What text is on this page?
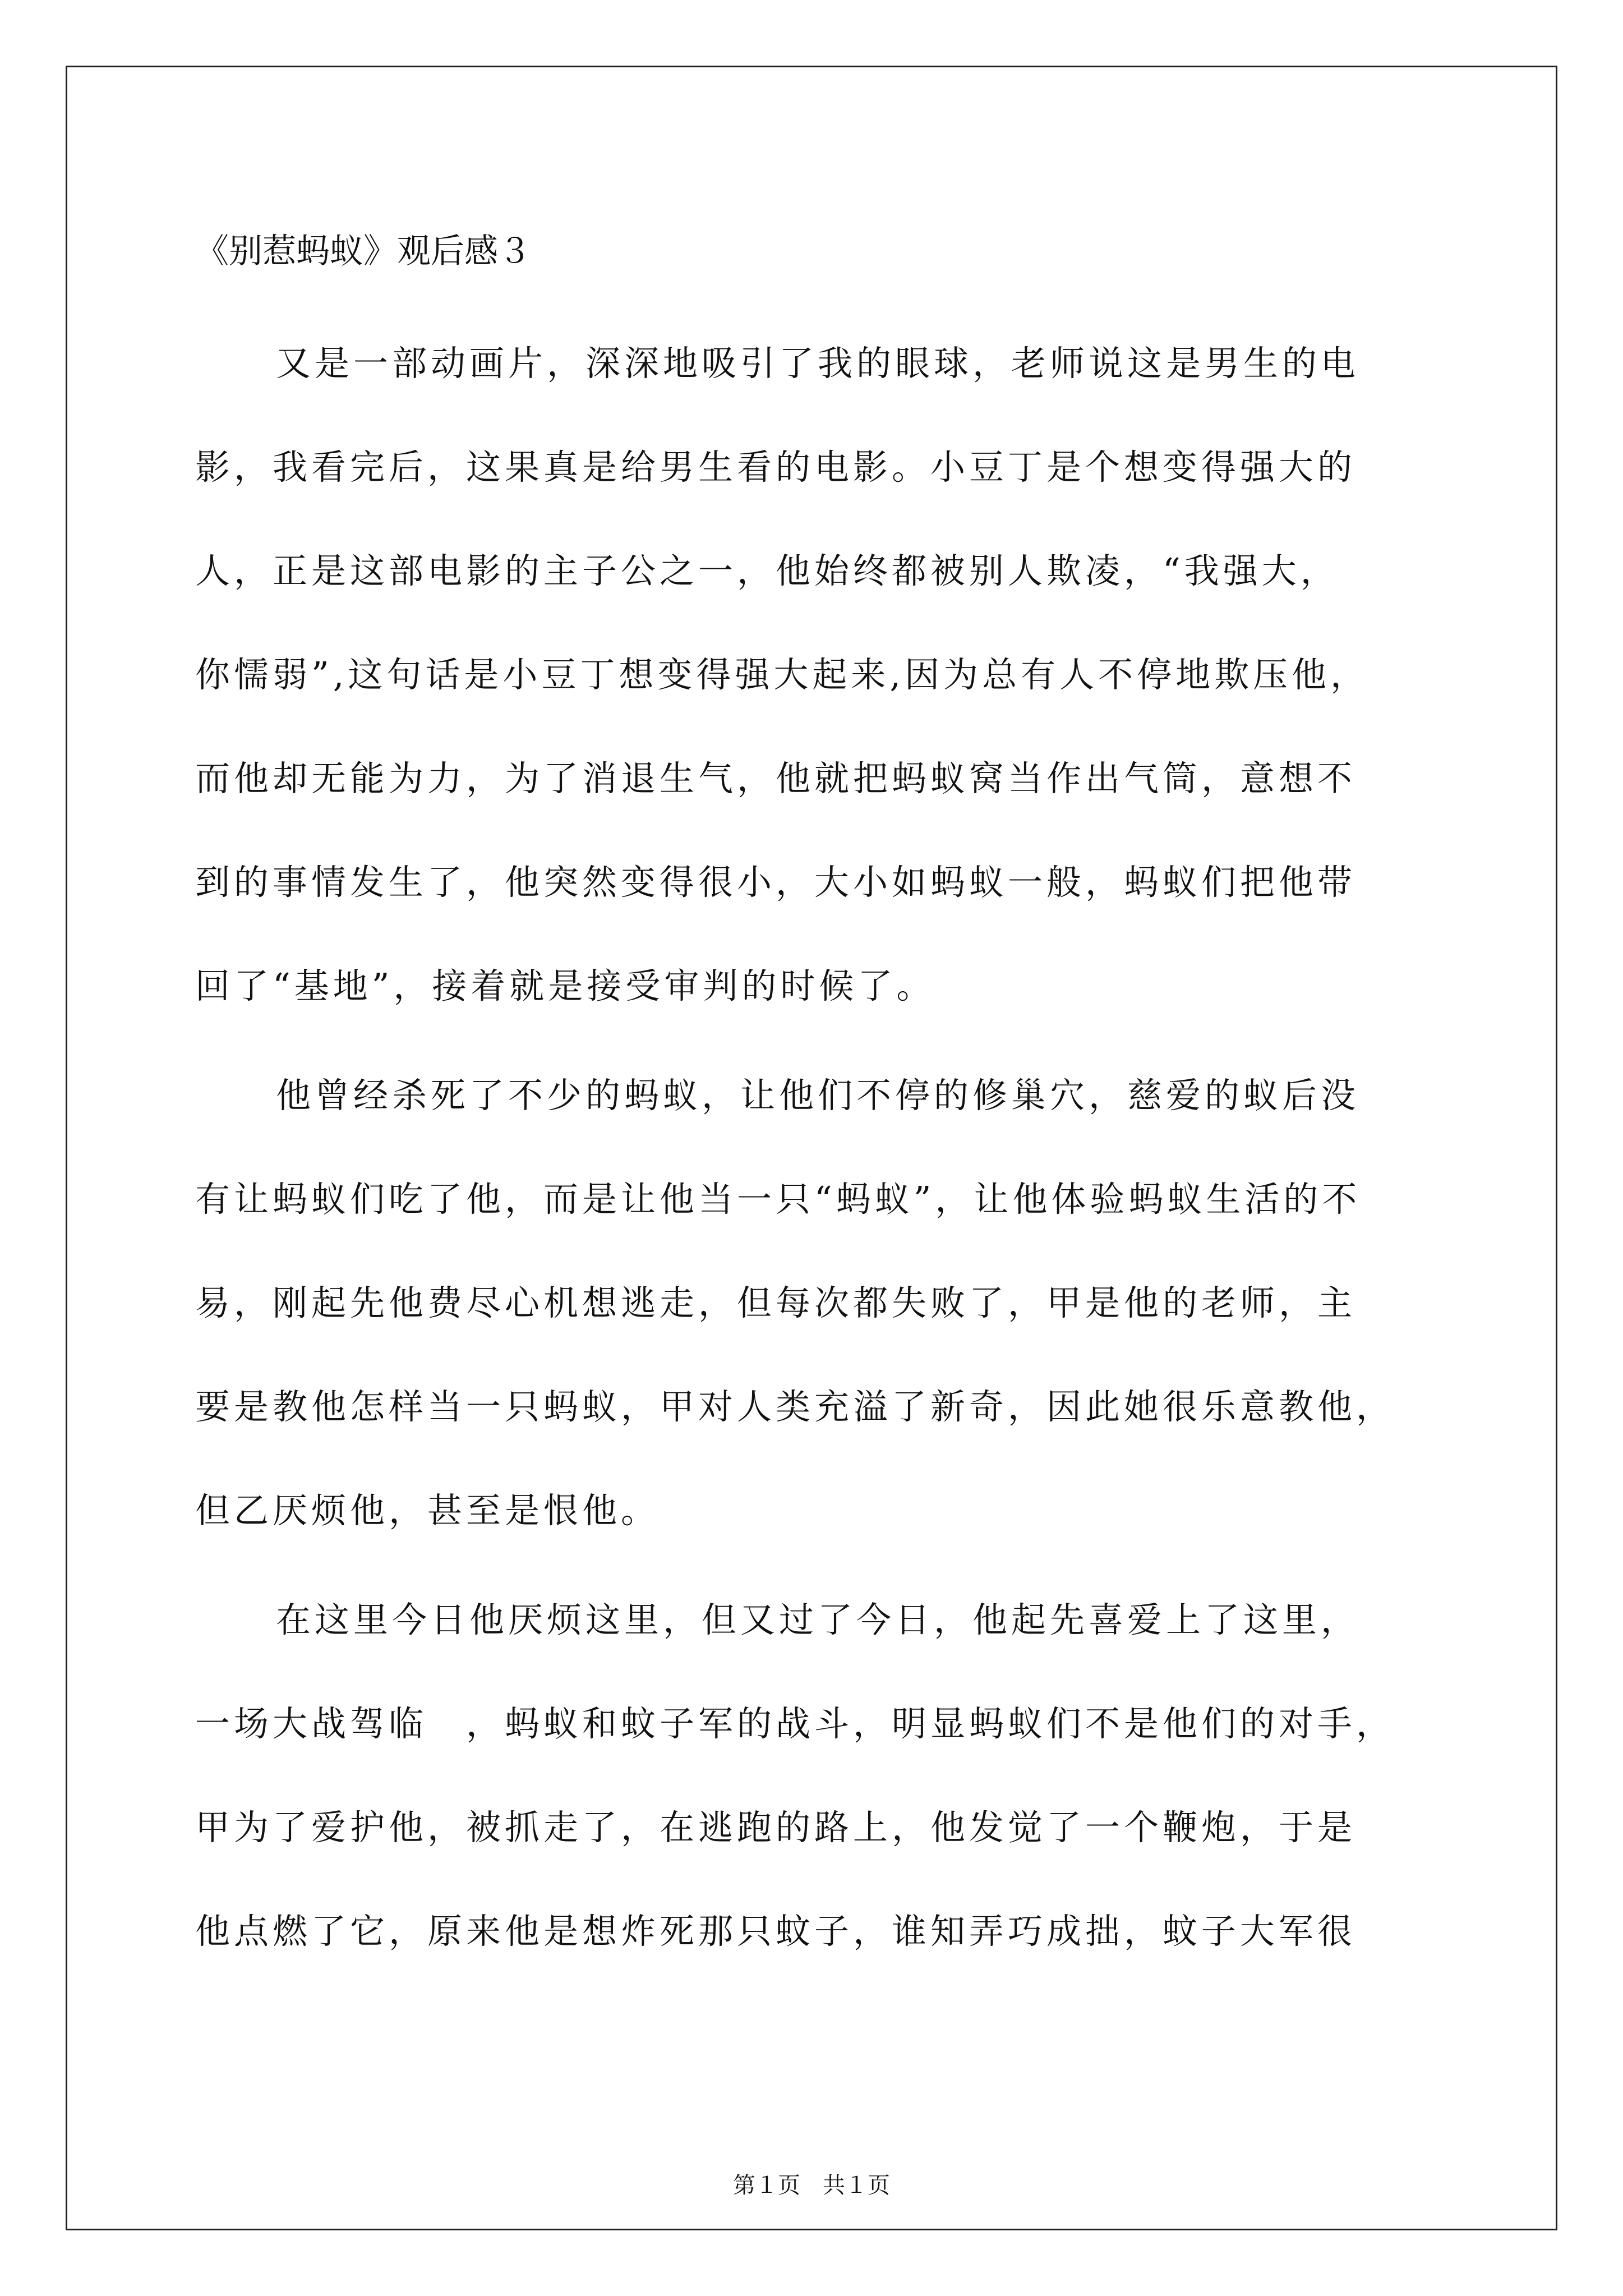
《别惹蚂蚁》观后感３
又是一部动画片，深深地吸引了我的眼球，老师说这是男生的电
影，我看完后，这果真是给男生看的电影。小豆丁是个想变得强大的
人，正是这部电影的主子公之一，他始终都被别人欺凌，“我强大，
你懦弱”,这句话是小豆丁想变得强大起来,因为总有人不停地欺压他，
而他却无能为力，为了消退生气，他就把蚂蚁窝当作出气筒，意想不
到的事情发生了，他突然变得很小，大小如蚂蚁一般，蚂蚁们把他带
回了“基地”，接着就是接受审判的时候了。
他曾经杀死了不少的蚂蚁，让他们不停的修巢穴，慈爱的蚁后没
有让蚂蚁们吃了他，而是让他当一只“蚂蚁”，让他体验蚂蚁生活的不
易，刚起先他费尽心机想逃走，但每次都失败了，甲是他的老师，主
要是教他怎样当一只蚂蚁，甲对人类充溢了新奇，因此她很乐意教他，
但乙厌烦他，甚至是恨他。
在这里今日他厌烦这里，但又过了今日，他起先喜爱上了这里，
一场大战驾临　，蚂蚁和蚊子军的战斗，明显蚂蚁们不是他们的对手，
甲为了爱护他，被抓走了，在逃跑的路上，他发觉了一个鞭炮，于是
他点燃了它，原来他是想炸死那只蚊子，谁知弄巧成拙，蚊子大军很
第１页　共１页
